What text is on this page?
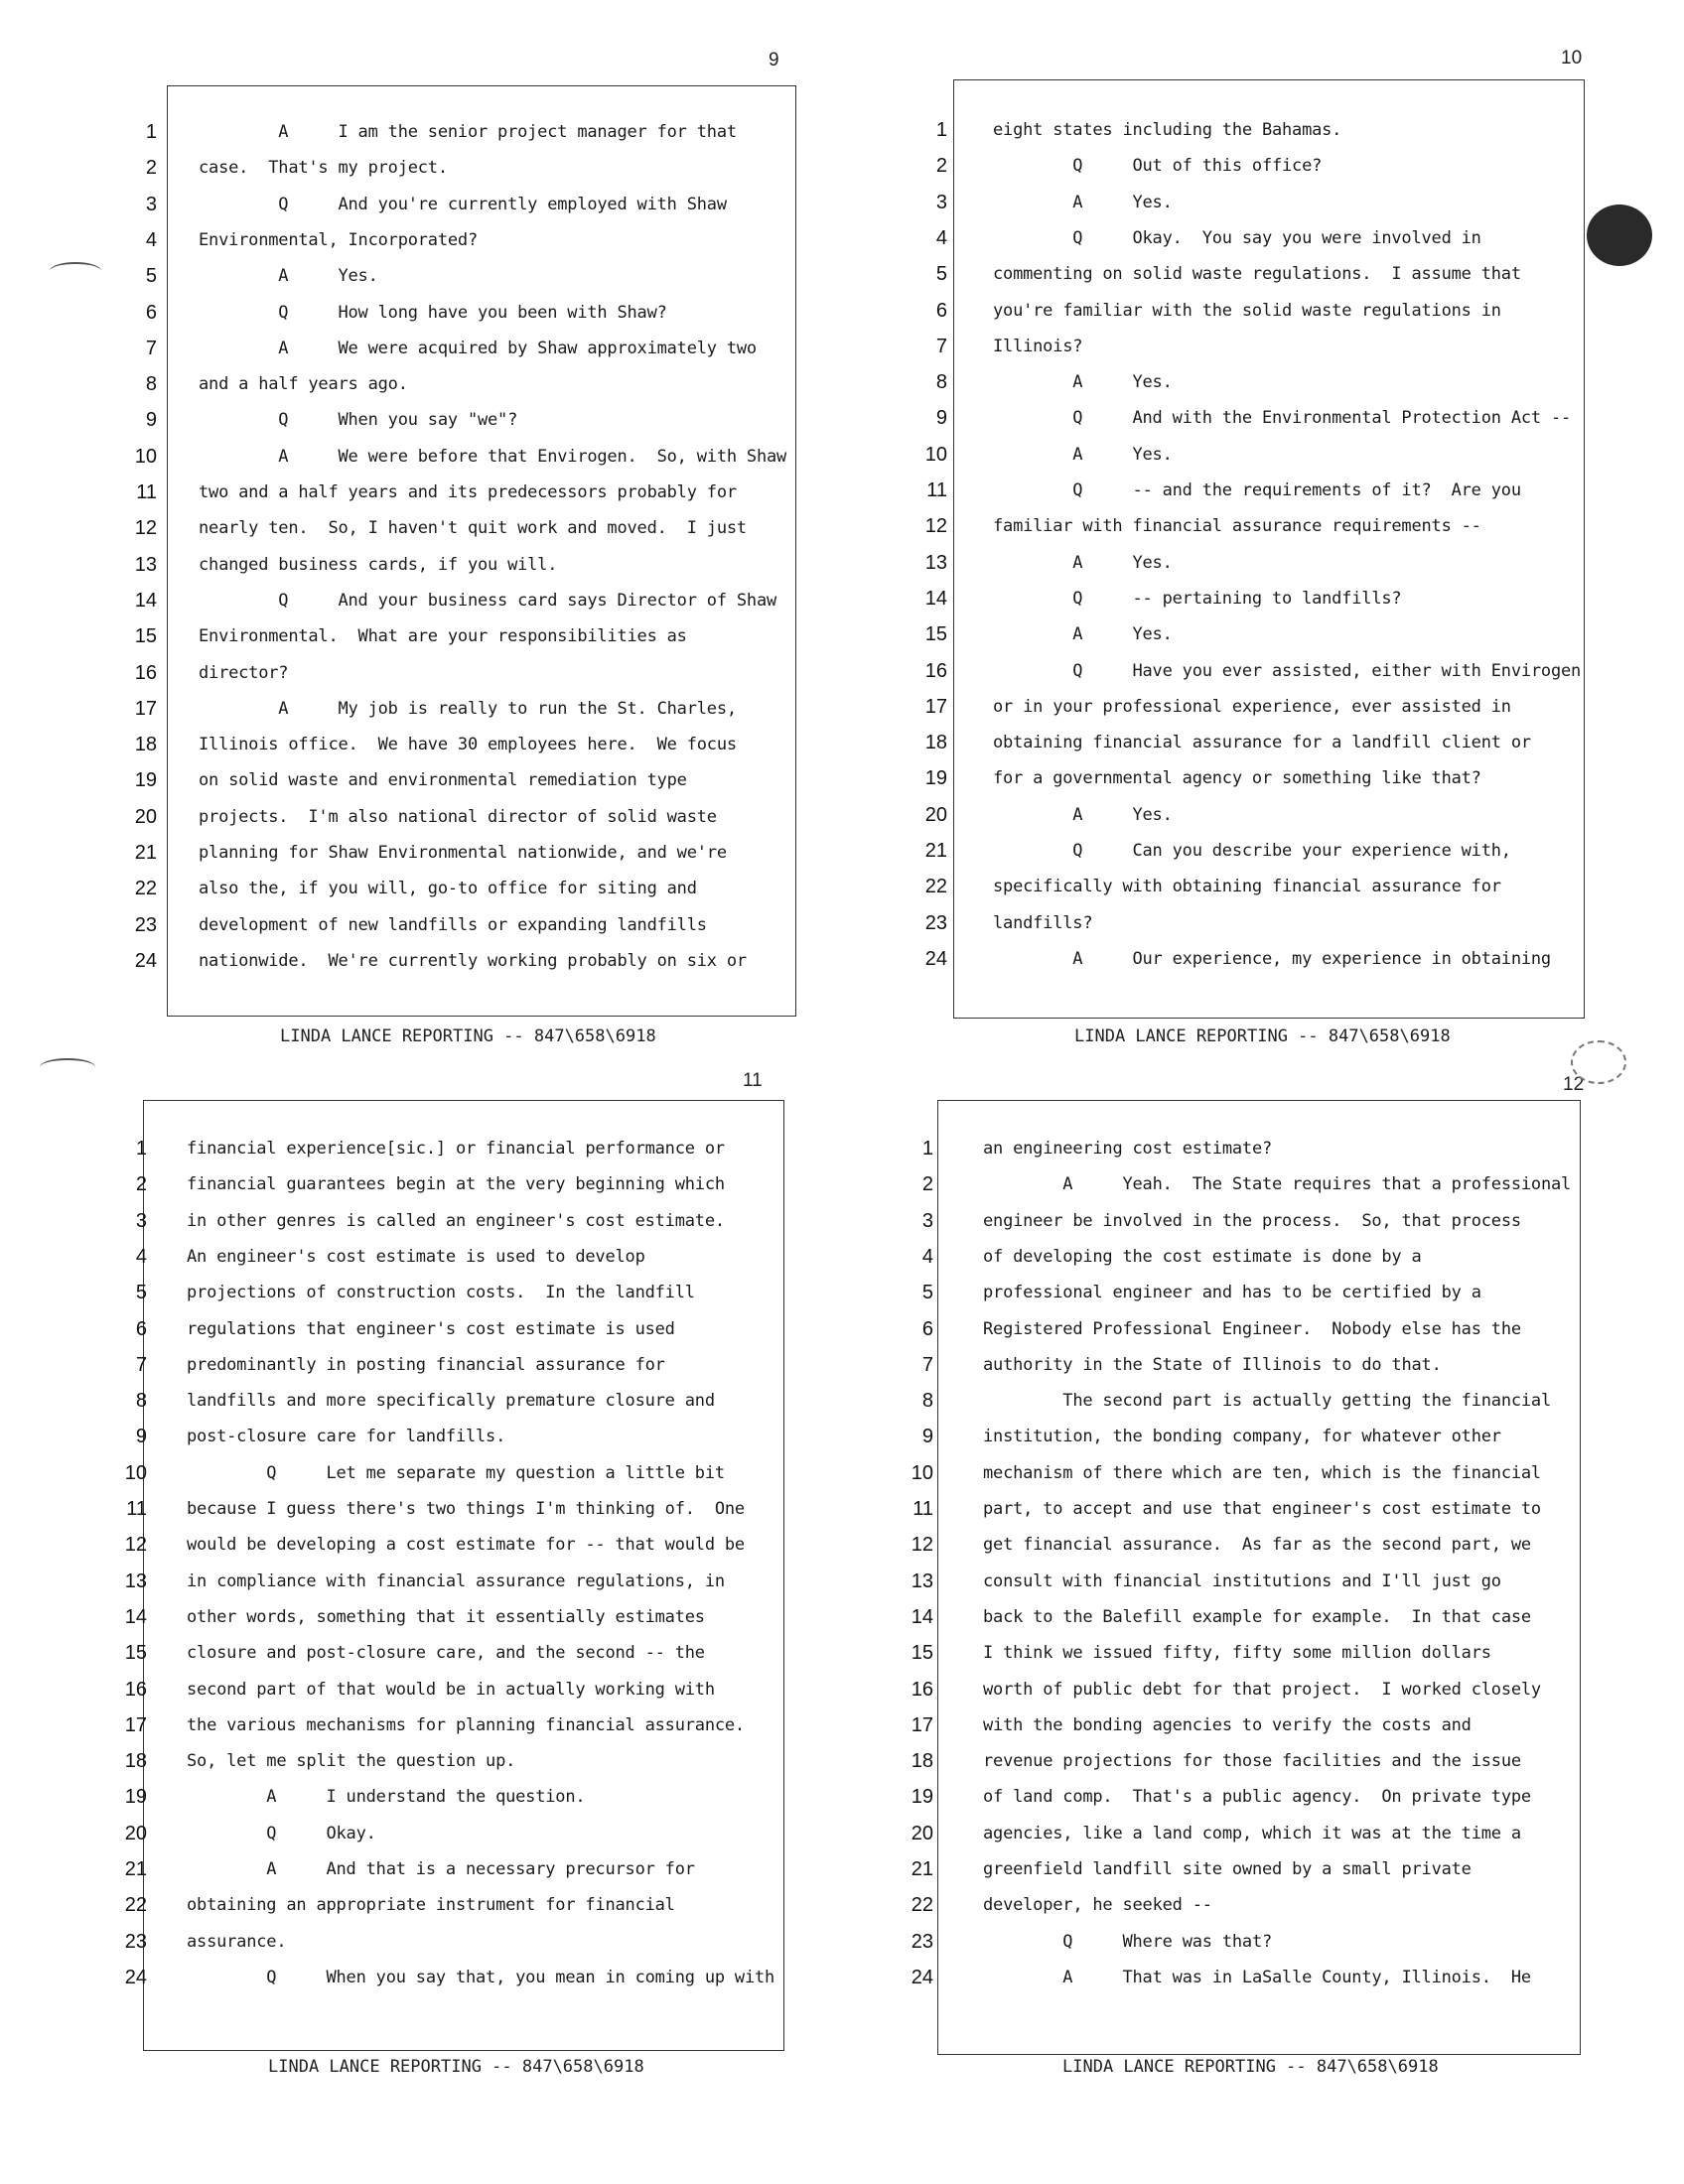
9
1 A     I am the senior project manager for that
2 case.  That's my project.
3 Q     And you're currently employed with Shaw
4 Environmental, Incorporated?
5 A     Yes.
6 Q     How long have you been with Shaw?
7 A     We were acquired by Shaw approximately two
8 and a half years ago.
9 Q     When you say "we"?
10 A     We were before that Envirogen.  So, with Shaw
11 two and a half years and its predecessors probably for
12 nearly ten.  So, I haven't quit work and moved.  I just
13 changed business cards, if you will.
14 Q     And your business card says Director of Shaw
15 Environmental.  What are your responsibilities as
16 director?
17 A     My job is really to run the St. Charles,
18 Illinois office.  We have 30 employees here.  We focus
19 on solid waste and environmental remediation type
20 projects.  I'm also national director of solid waste
21 planning for Shaw Environmental nationwide, and we're
22 also the, if you will, go-to office for siting and
23 development of new landfills or expanding landfills
24 nationwide.  We're currently working probably on six or
LINDA LANCE REPORTING -- 847\658\6918
10
1	eight states including the Bahamas.
2	Q     Out of this office?
3	A     Yes.
4	Q     Okay.  You say you were involved in
5	commenting on solid waste regulations.  I assume that
6	you're familiar with the solid waste regulations in
7	Illinois?
8	A     Yes.
9	Q     And with the Environmental Protection Act --
10	A     Yes.
11	Q     -- and the requirements of it?  Are you
12	familiar with financial assurance requirements --
13	A     Yes.
14	Q     -- pertaining to landfills?
15	A     Yes.
16	Q     Have you ever assisted, either with Envirogen
17	or in your professional experience, ever assisted in
18	obtaining financial assurance for a landfill client or
19	for a governmental agency or something like that?
20	A     Yes.
21	Q     Can you describe your experience with,
22	specifically with obtaining financial assurance for
23	landfills?
24	A     Our experience, my experience in obtaining
LINDA LANCE REPORTING -- 847\658\6918
11
1 financial experience[sic.] or financial performance or
2 financial guarantees begin at the very beginning which
3 in other genres is called an engineer's cost estimate.
4 An engineer's cost estimate is used to develop
5 projections of construction costs.  In the landfill
6 regulations that engineer's cost estimate is used
7 predominantly in posting financial assurance for
8 landfills and more specifically premature closure and
9 post-closure care for landfills.
10 Q     Let me separate my question a little bit
11 because I guess there's two things I'm thinking of.  One
12 would be developing a cost estimate for -- that would be
13 in compliance with financial assurance regulations, in
14 other words, something that it essentially estimates
15 closure and post-closure care, and the second -- the
16 second part of that would be in actually working with
17 the various mechanisms for planning financial assurance.
18 So, let me split the question up.
19 A     I understand the question.
20 Q     Okay.
21 A     And that is a necessary precursor for
22 obtaining an appropriate instrument for financial
23 assurance.
24 Q     When you say that, you mean in coming up with
LINDA LANCE REPORTING -- 847\658\6918
12
1	an engineering cost estimate?
2	A     Yeah.  The State requires that a professional
3	engineer be involved in the process.  So, that process
4	of developing the cost estimate is done by a
5	professional engineer and has to be certified by a
6	Registered Professional Engineer.  Nobody else has the
7	authority in the State of Illinois to do that.
8	The second part is actually getting the financial
9	institution, the bonding company, for whatever other
10	mechanism of there which are ten, which is the financial
11	part, to accept and use that engineer's cost estimate to
12	get financial assurance.  As far as the second part, we
13	consult with financial institutions and I'll just go
14	back to the Balefill example for example.  In that case
15	I think we issued fifty, fifty some million dollars
16	worth of public debt for that project.  I worked closely
17	with the bonding agencies to verify the costs and
18	revenue projections for those facilities and the issue
19	of land comp.  That's a public agency.  On private type
20	agencies, like a land comp, which it was at the time a
21	greenfield landfill site owned by a small private
22	developer, he seeked --
23	Q     Where was that?
24	A     That was in LaSalle County, Illinois.  He
LINDA LANCE REPORTING -- 847\658\6918
